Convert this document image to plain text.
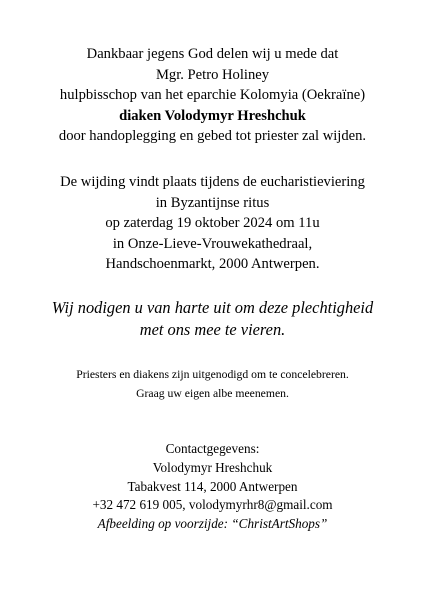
Dankbaar jegens God delen wij u mede dat
Mgr. Petro Holiney
hulpbisschop van het eparchie Kolomyia (Oekraïne)
diaken Volodymyr Hreshchuk
door handoplegging en gebed tot priester zal wijden.
De wijding vindt plaats tijdens de eucharistieviering
in Byzantijnse ritus
op zaterdag 19 oktober 2024 om 11u
in Onze-Lieve-Vrouwekathedraal,
Handschoenmarkt, 2000 Antwerpen.
Wij nodigen u van harte uit om deze plechtigheid
met ons mee te vieren.
Priesters en diakens zijn uitgenodigd om te concelebreren.
Graag uw eigen albe meenemen.
Contactgegevens:
Volodymyr Hreshchuk
Tabakvest 114, 2000 Antwerpen
+32 472 619 005, volodymyrhr8@gmail.com
Afbeelding op voorzijde: “ChristArtShops”
